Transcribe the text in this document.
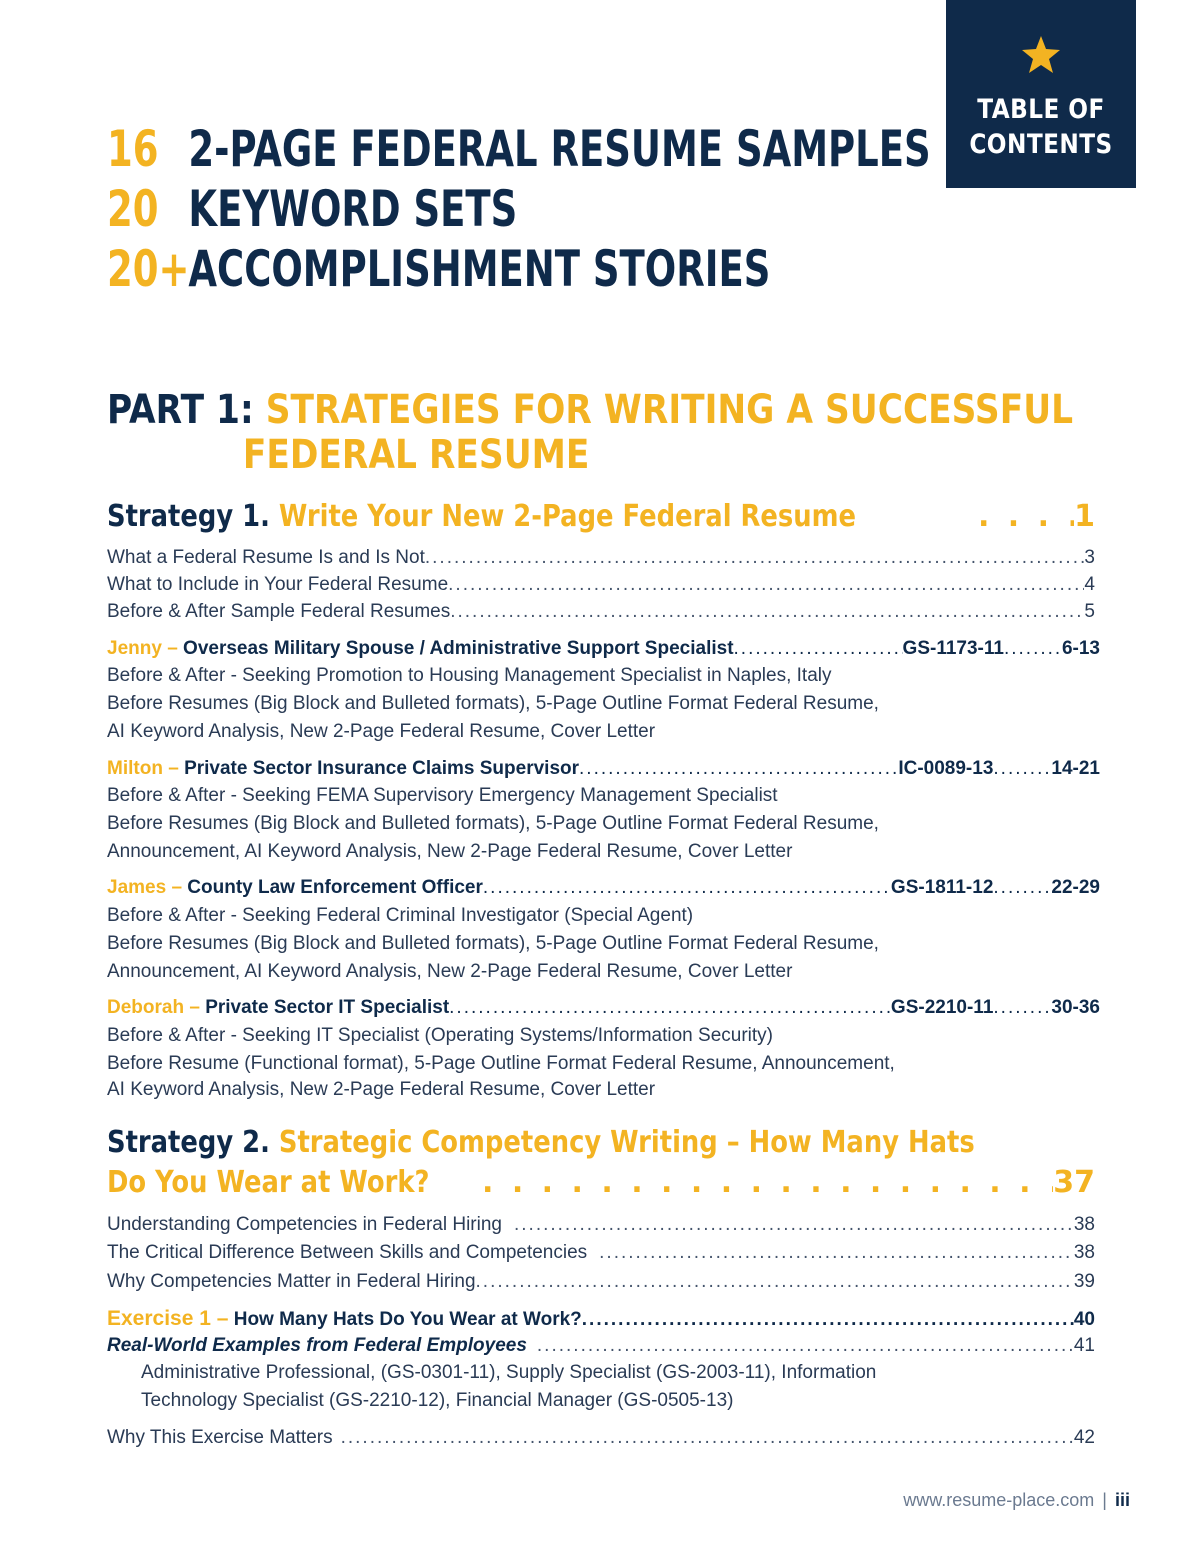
TABLE OF
CONTENTS
16 2-PAGE FEDERAL RESUME SAMPLES
20 KEYWORD SETS
20+ACCOMPLISHMENT STORIES
PART 1: STRATEGIES FOR WRITING A SUCCESSFUL
FEDERAL RESUME
Strategy 1. Write Your New 2-Page Federal Resume . . .	1
What a Federal Resume Is and Is Not .....	3
What to Include in Your Federal Resume .....	4
Before & After Sample Federal Resumes .....	5
Jenny –
Overseas Military Spouse / Administrative Support Specialist .....	GS-1173-11 .....	6-13
Before & After - Seeking Promotion to Housing Management Specialist in Naples, Italy
Before Resumes (Big Block and Bulleted formats), 5-Page Outline Format Federal Resume,
AI Keyword Analysis, New 2-Page Federal Resume, Cover Letter
Milton –
Private Sector Insurance Claims Supervisor .....	IC-0089-13 .....	14-21
Before & After - Seeking FEMA Supervisory Emergency Management Specialist
Before Resumes (Big Block and Bulleted formats), 5-Page Outline Format Federal Resume,
Announcement, AI Keyword Analysis, New 2-Page Federal Resume, Cover Letter
James –
County Law Enforcement Officer .....	GS-1811-12 .....	22-29
Before & After - Seeking Federal Criminal Investigator (Special Agent)
Before Resumes (Big Block and Bulleted formats), 5-Page Outline Format Federal Resume,
Announcement, AI Keyword Analysis, New 2-Page Federal Resume, Cover Letter
Deborah –
Private Sector IT Specialist .....	GS-2210-11 .....	30-36
Before & After - Seeking IT Specialist (Operating Systems/Information Security)
Before Resume (Functional format), 5-Page Outline Format Federal Resume, Announcement,
AI Keyword Analysis, New 2-Page Federal Resume, Cover Letter
Strategy 2. Strategic Competency Writing – How Many Hats
Do You Wear at Work? . . .	37
Understanding Competencies in Federal Hiring .....	38
The Critical Difference Between Skills and Competencies .....	38
Why Competencies Matter in Federal Hiring .....	39
Exercise 1 –
How Many Hats Do You Wear at Work? .....	40
Real-World Examples from Federal Employees .....	41
Administrative Professional, (GS-0301-11), Supply Specialist (GS-2003-11), Information
Technology Specialist (GS-2210-12), Financial Manager (GS-0505-13)
Why This Exercise Matters .....	42
www.resume-place.com | iii
